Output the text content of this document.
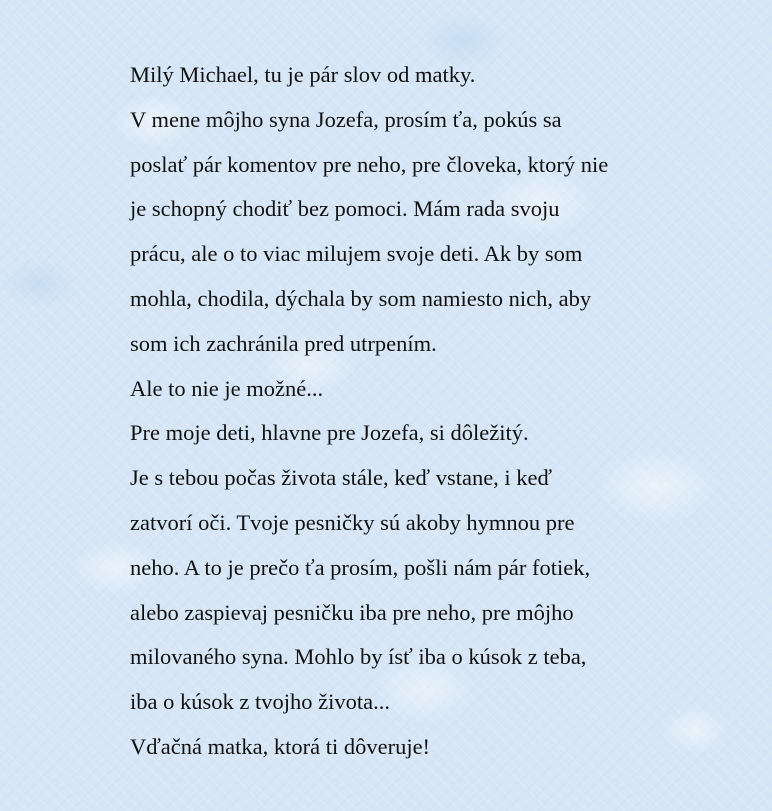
Milý Michael, tu je pár slov od matky.
V mene môjho syna Jozefa, prosím ťa, pokús sa
poslať pár komentov pre neho, pre človeka, ktorý nie
je schopný chodiť bez pomoci. Mám rada svoju
prácu, ale o to viac milujem svoje deti. Ak by som
mohla, chodila, dýchala by som namiesto nich, aby
som ich zachránila pred utrpením.
Ale to nie je možné...
Pre moje deti, hlavne pre Jozefa, si dôležitý.
Je s tebou počas života stále, keď vstane, i keď
zatvorí oči. Tvoje pesničky sú akoby hymnou pre
neho. A to je prečo ťa prosím, pošli nám pár fotiek,
alebo zaspievaj pesničku iba pre neho, pre môjho
milovaného syna. Mohlo by ísť iba o kúsok z teba,
iba o kúsok z tvojho života...
Vďačná matka, ktorá ti dôveruje!
